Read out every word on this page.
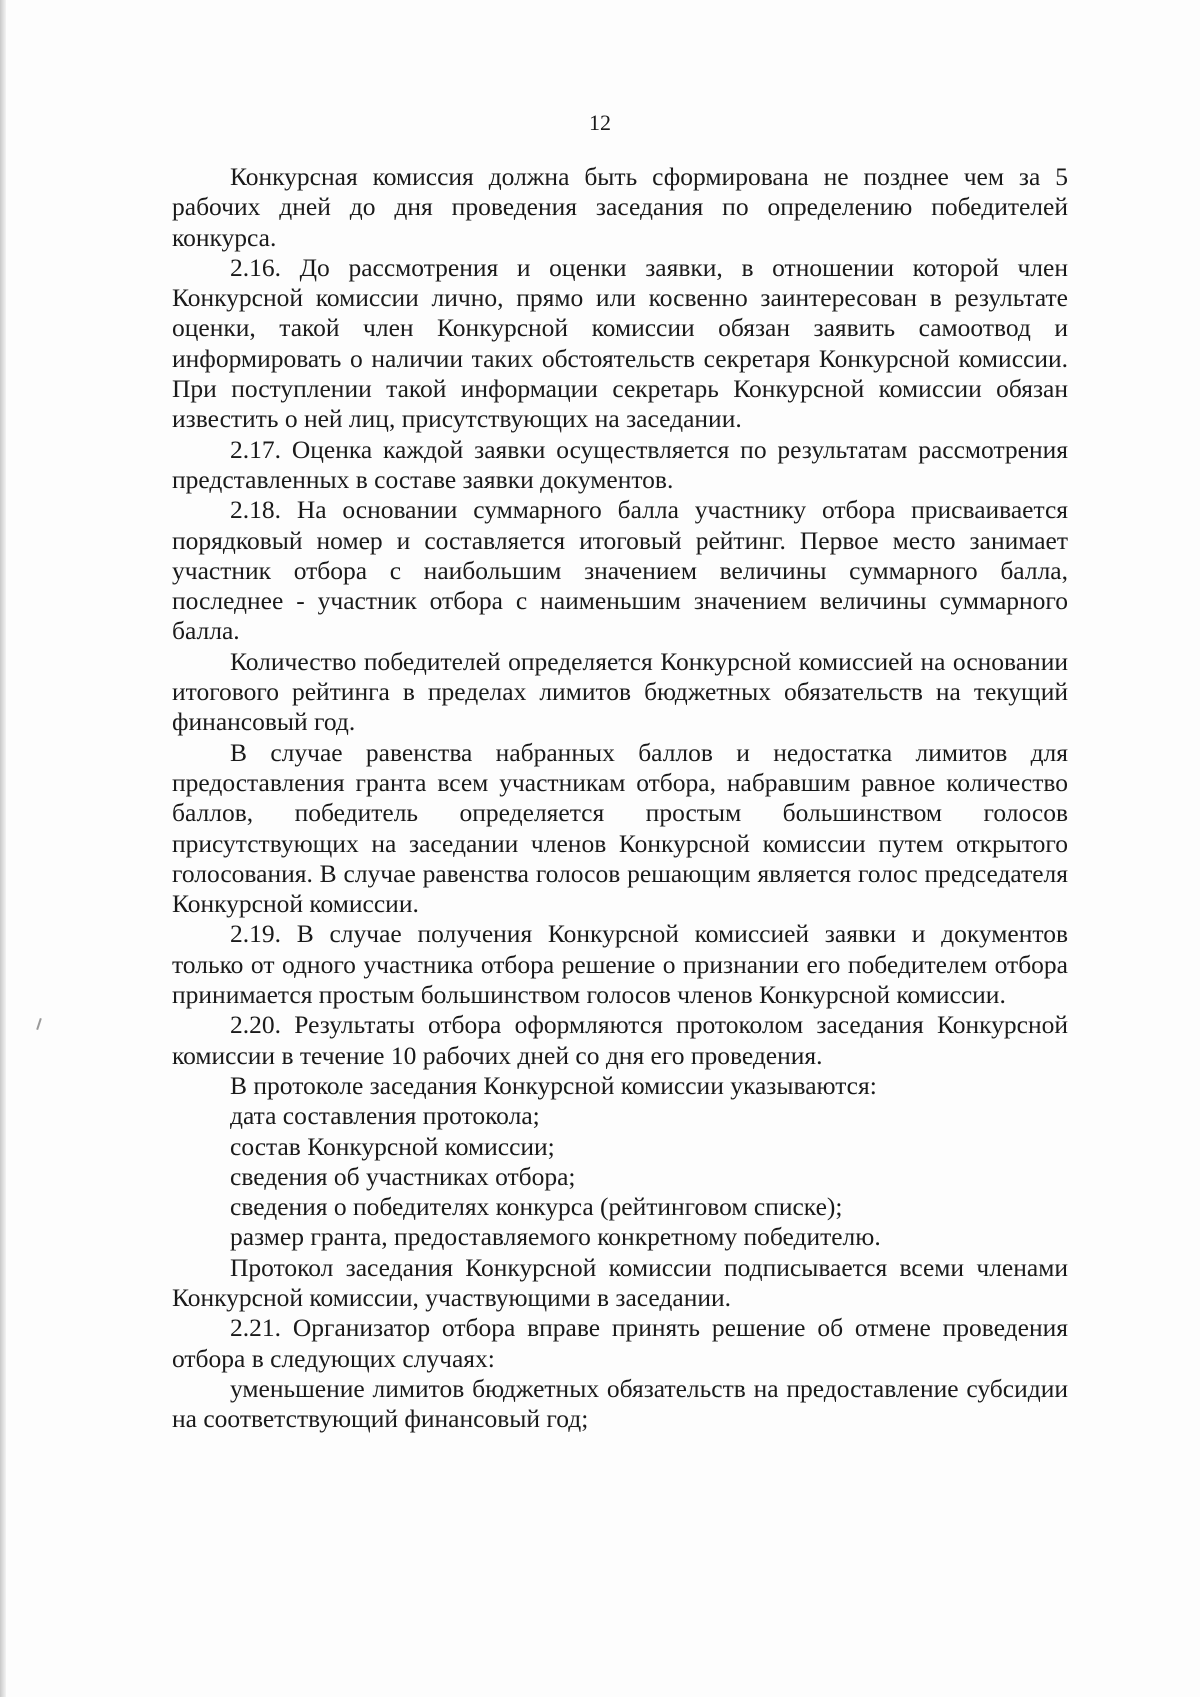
12

Конкурсная комиссия должна быть сформирована не позднее чем за 5 рабочих дней до дня проведения заседания по определению победителей конкурса.

2.16. До рассмотрения и оценки заявки, в отношении которой член Конкурсной комиссии лично, прямо или косвенно заинтересован в результате оценки, такой член Конкурсной комиссии обязан заявить самоотвод и информировать о наличии таких обстоятельств секретаря Конкурсной комиссии. При поступлении такой информации секретарь Конкурсной комиссии обязан известить о ней лиц, присутствующих на заседании.

2.17. Оценка каждой заявки осуществляется по результатам рассмотрения представленных в составе заявки документов.

2.18. На основании суммарного балла участнику отбора присваивается порядковый номер и составляется итоговый рейтинг. Первое место занимает участник отбора с наибольшим значением величины суммарного балла, последнее - участник отбора с наименьшим значением величины суммарного балла.

Количество победителей определяется Конкурсной комиссией на основании итогового рейтинга в пределах лимитов бюджетных обязательств на текущий финансовый год.

В случае равенства набранных баллов и недостатка лимитов для предоставления гранта всем участникам отбора, набравшим равное количество баллов, победитель определяется простым большинством голосов присутствующих на заседании членов Конкурсной комиссии путем открытого голосования. В случае равенства голосов решающим является голос председателя Конкурсной комиссии.

2.19. В случае получения Конкурсной комиссией заявки и документов только от одного участника отбора решение о признании его победителем отбора принимается простым большинством голосов членов Конкурсной комиссии.

2.20. Результаты отбора оформляются протоколом заседания Конкурсной комиссии в течение 10 рабочих дней со дня его проведения.

В протоколе заседания Конкурсной комиссии указываются:

дата составления протокола;

состав Конкурсной комиссии;

сведения об участниках отбора;

сведения о победителях конкурса (рейтинговом списке);

размер гранта, предоставляемого конкретному победителю.

Протокол заседания Конкурсной комиссии подписывается всеми членами Конкурсной комиссии, участвующими в заседании.

2.21. Организатор отбора вправе принять решение об отмене проведения отбора в следующих случаях:

уменьшение лимитов бюджетных обязательств на предоставление субсидии на соответствующий финансовый год;
